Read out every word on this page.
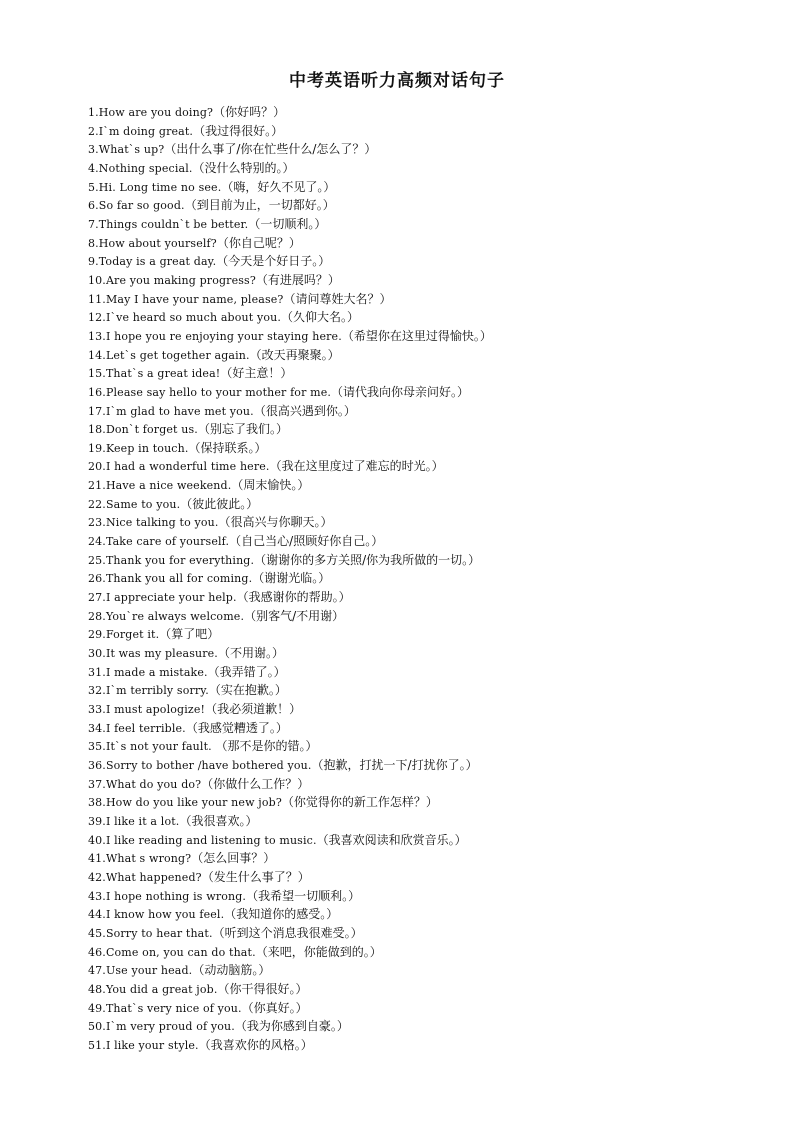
中考英语听力高频对话句子
1.How are you doing?（你好吗？）
2.I`m doing great.（我过得很好。）
3.What`s up?（出什么事了/你在忙些什么/怎么了？）
4.Nothing special.（没什么特别的。）
5.Hi. Long time no see.（嗨，好久不见了。）
6.So far so good.（到目前为止，一切都好。）
7.Things couldn`t be better.（一切顺利。）
8.How about yourself?（你自己呢？）
9.Today is a great day.（今天是个好日子。）
10.Are you making progress?（有进展吗？）
11.May I have your name, please?（请问尊姓大名？）
12.I`ve heard so much about you.（久仰大名。）
13.I hope you re enjoying your staying here.（希望你在这里过得愉快。）
14.Let`s get together again.（改天再聚聚。）
15.That`s a great idea!（好主意！）
16.Please say hello to your mother for me.（请代我向你母亲问好。）
17.I`m glad to have met you.（很高兴遇到你。）
18.Don`t forget us.（别忘了我们。）
19.Keep in touch.（保持联系。）
20.I had a wonderful time here.（我在这里度过了难忘的时光。）
21.Have a nice weekend.（周末愉快。）
22.Same to you.（彼此彼此。）
23.Nice talking to you.（很高兴与你聊天。）
24.Take care of yourself.（自己当心/照顾好你自己。）
25.Thank you for everything.（谢谢你的多方关照/你为我所做的一切。）
26.Thank you all for coming.（谢谢光临。）
27.I appreciate your help.（我感谢你的帮助。）
28.You`re always welcome.（别客气/不用谢）
29.Forget it.（算了吧）
30.It was my pleasure.（不用谢。）
31.I made a mistake.（我弄错了。）
32.I`m terribly sorry.（实在抱歉。）
33.I must apologize!（我必须道歉！）
34.I feel terrible.（我感觉糟透了。）
35.It`s not your fault. （那不是你的错。）
36.Sorry to bother /have bothered you.（抱歉，打扰一下/打扰你了。）
37.What do you do?（你做什么工作？）
38.How do you like your new job?（你觉得你的新工作怎样？）
39.I like it a lot.（我很喜欢。）
40.I like reading and listening to music.（我喜欢阅读和欣赏音乐。）
41.What s wrong?（怎么回事？）
42.What happened?（发生什么事了？）
43.I hope nothing is wrong.（我希望一切顺利。）
44.I know how you feel.（我知道你的感受。）
45.Sorry to hear that.（听到这个消息我很难受。）
46.Come on, you can do that.（来吧，你能做到的。）
47.Use your head.（动动脑筋。）
48.You did a great job.（你干得很好。）
49.That`s very nice of you.（你真好。）
50.I`m very proud of you.（我为你感到自豪。）
51.I like your style.（我喜欢你的风格。）
